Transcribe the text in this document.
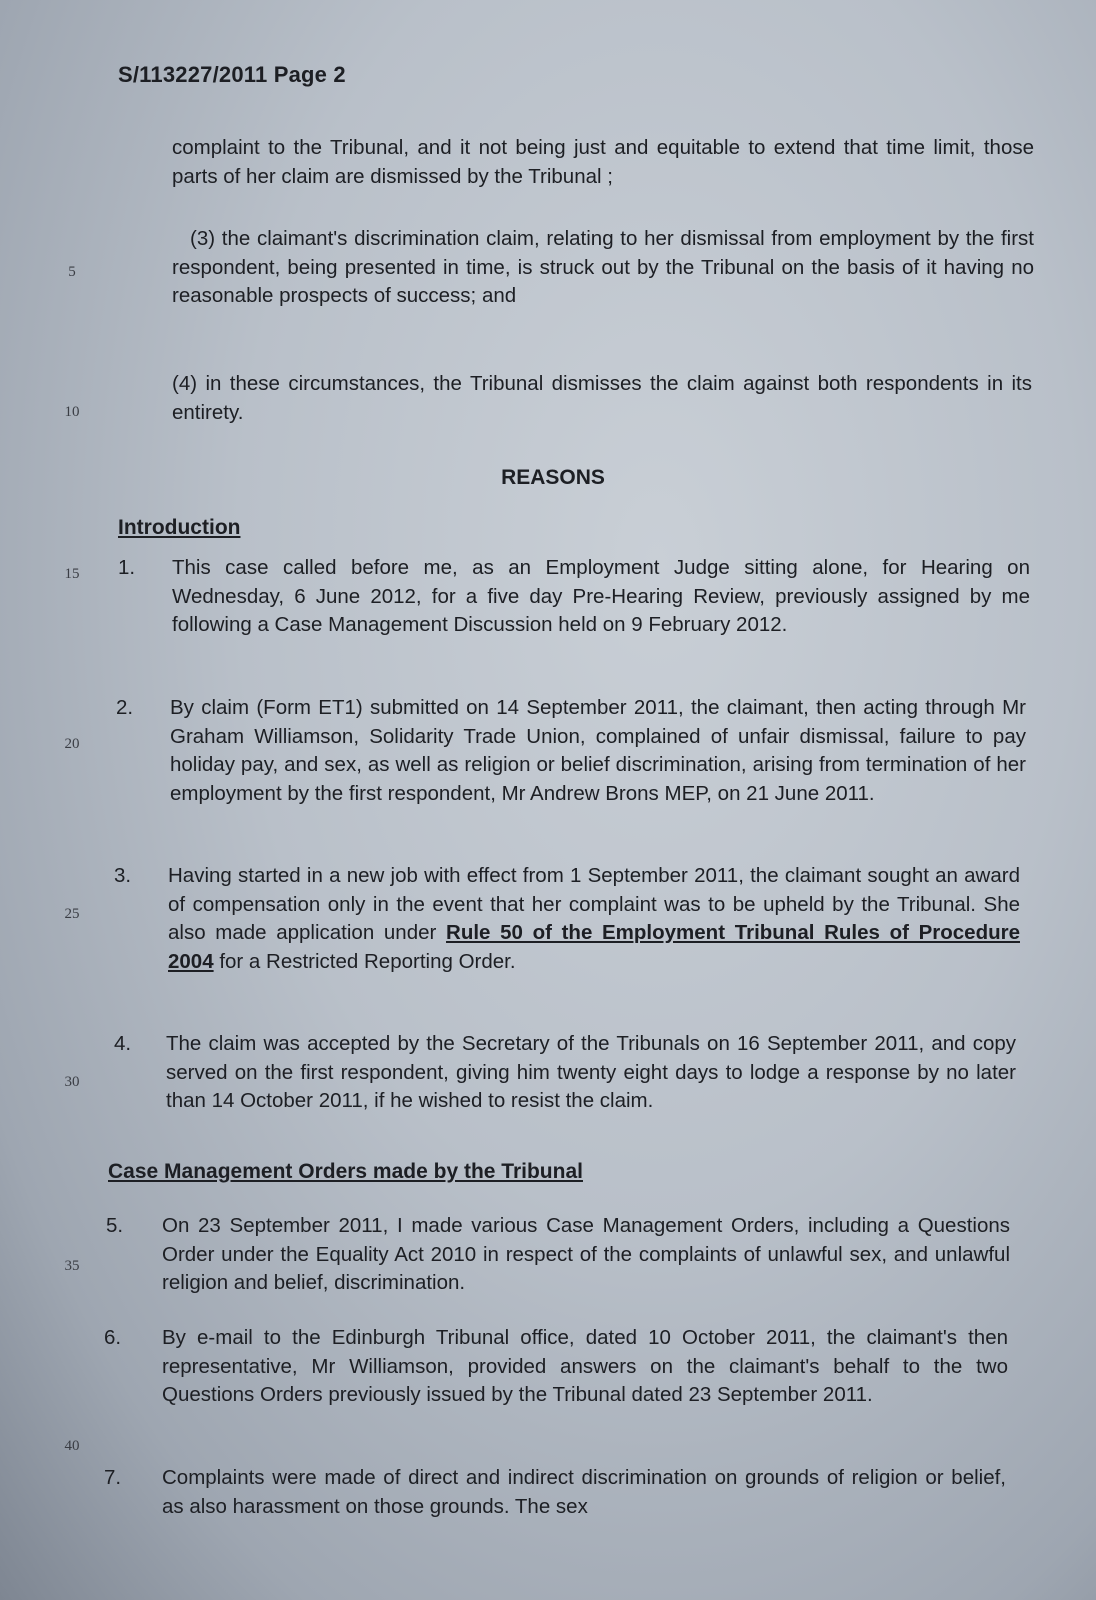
S/113227/2011 Page 2
5
10
15
20
25
30
35
40
complaint to the Tribunal, and it not being just and equitable to extend that time limit, those parts of her claim are dismissed by the Tribunal ;
(3) the claimant's discrimination claim, relating to her dismissal from employment by the first respondent, being presented in time, is struck out by the Tribunal on the basis of it having no reasonable prospects of success; and
(4) in these circumstances, the Tribunal dismisses the claim against both respondents in its entirety.
REASONS
Introduction
1. This case called before me, as an Employment Judge sitting alone, for Hearing on Wednesday, 6 June 2012, for a five day Pre-Hearing Review, previously assigned by me following a Case Management Discussion held on 9 February 2012.
2. By claim (Form ET1) submitted on 14 September 2011, the claimant, then acting through Mr Graham Williamson, Solidarity Trade Union, complained of unfair dismissal, failure to pay holiday pay, and sex, as well as religion or belief discrimination, arising from termination of her employment by the first respondent, Mr Andrew Brons MEP, on 21 June 2011.
3. Having started in a new job with effect from 1 September 2011, the claimant sought an award of compensation only in the event that her complaint was to be upheld by the Tribunal. She also made application under Rule 50 of the Employment Tribunal Rules of Procedure 2004 for a Restricted Reporting Order.
4. The claim was accepted by the Secretary of the Tribunals on 16 September 2011, and copy served on the first respondent, giving him twenty eight days to lodge a response by no later than 14 October 2011, if he wished to resist the claim.
Case Management Orders made by the Tribunal
5. On 23 September 2011, I made various Case Management Orders, including a Questions Order under the Equality Act 2010 in respect of the complaints of unlawful sex, and unlawful religion and belief, discrimination.
6. By e-mail to the Edinburgh Tribunal office, dated 10 October 2011, the claimant's then representative, Mr Williamson, provided answers on the claimant's behalf to the two Questions Orders previously issued by the Tribunal dated 23 September 2011.
7. Complaints were made of direct and indirect discrimination on grounds of religion or belief, as also harassment on those grounds. The sex
